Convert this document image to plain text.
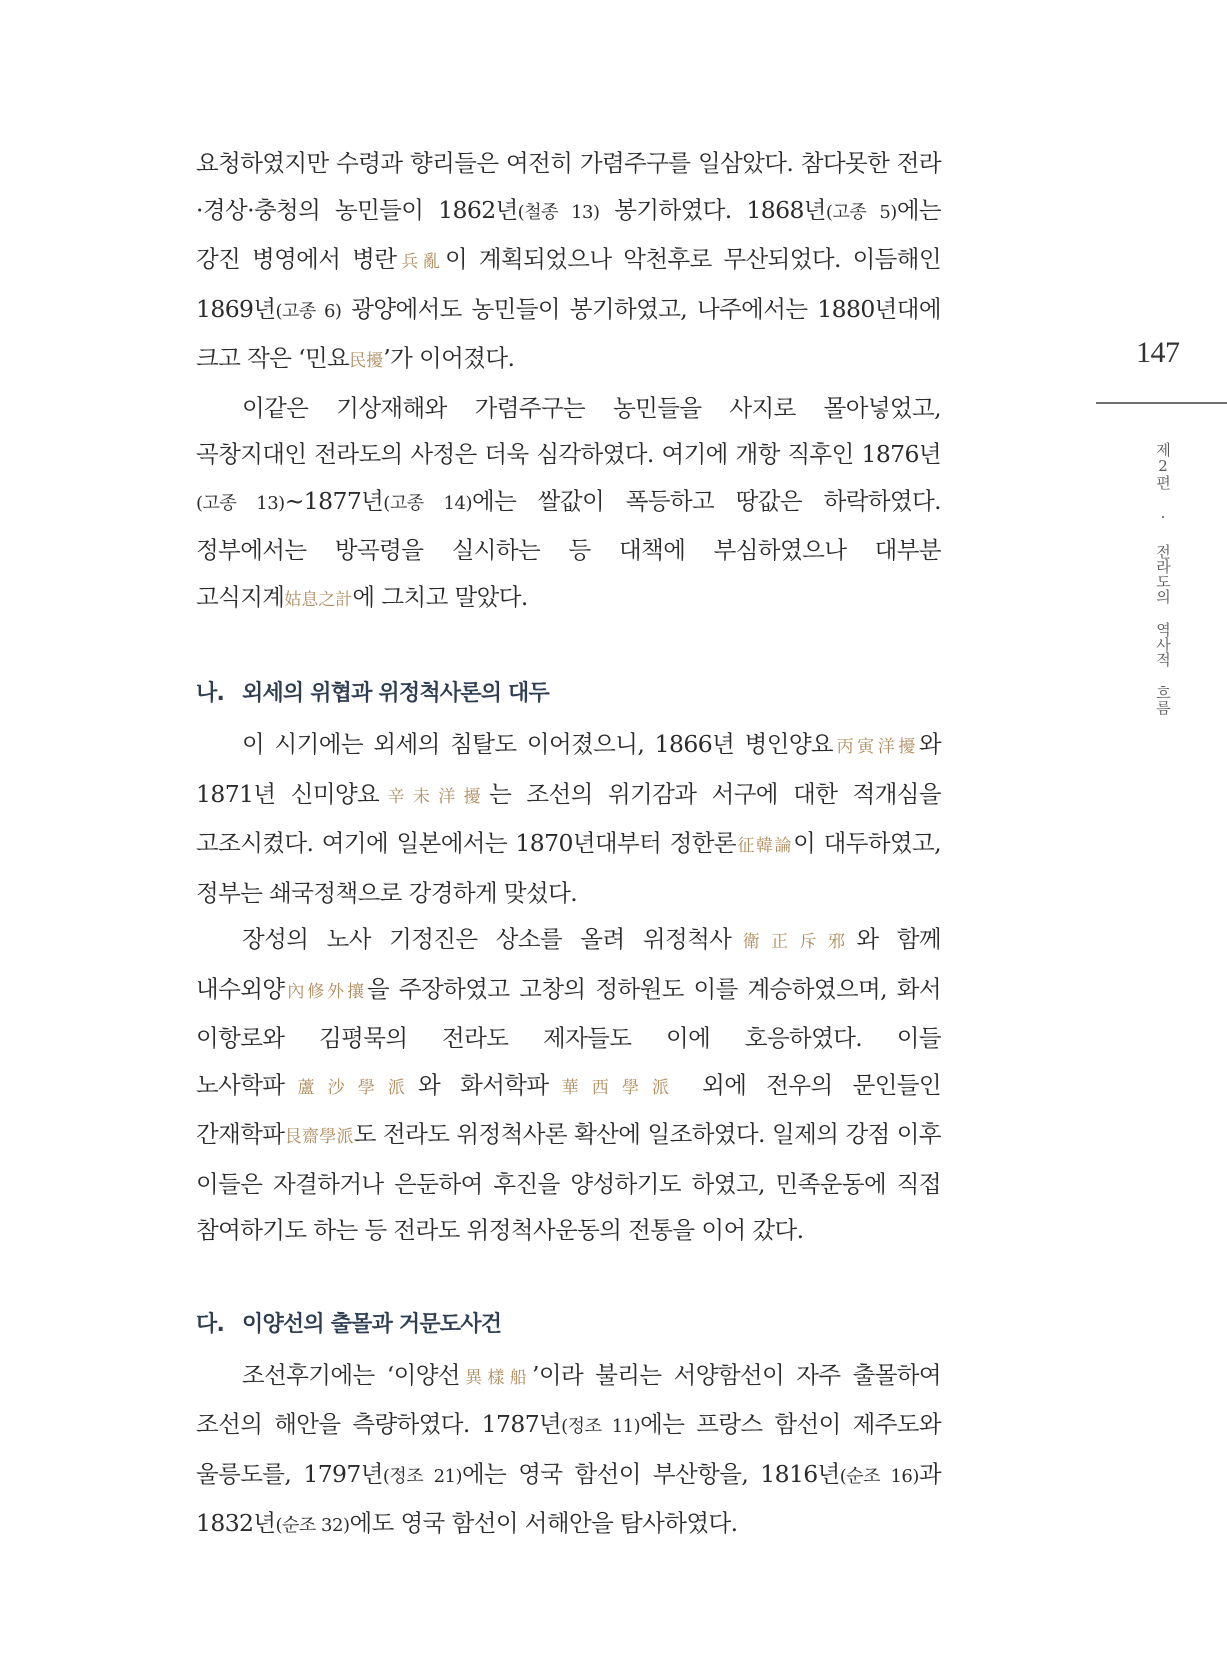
요청하였지만 수령과 향리들은 여전히 가렴주구를 일삼았다. 참다못한 전라·경상·충청의 농민들이 1862년(철종 13) 봉기하였다. 1868년(고종 5)에는 강진 병영에서 병란兵亂이 계획되었으나 악천후로 무산되었다. 이듬해인 1869년(고종 6) 광양에서도 농민들이 봉기하였고, 나주에서는 1880년대에 크고 작은 ‘민요民擾’가 이어졌다.

이같은 기상재해와 가렴주구는 농민들을 사지로 몰아넣었고, 곡창지대인 전라도의 사정은 더욱 심각하였다. 여기에 개항 직후인 1876년(고종 13)~1877년(고종 14)에는 쌀값이 폭등하고 땅값은 하락하였다. 정부에서는 방곡령을 실시하는 등 대책에 부심하였으나 대부분 고식지계姑息之計에 그치고 말았다.

나. 외세의 위협과 위정척사론의 대두

이 시기에는 외세의 침탈도 이어졌으니, 1866년 병인양요丙寅洋擾와 1871년 신미양요辛未洋擾는 조선의 위기감과 서구에 대한 적개심을 고조시켰다. 여기에 일본에서는 1870년대부터 정한론征韓論이 대두하였고, 정부는 쇄국정책으로 강경하게 맞섰다.

장성의 노사 기정진은 상소를 올려 위정척사衛正斥邪와 함께 내수외양內修外攘을 주장하였고 고창의 정하원도 이를 계승하였으며, 화서 이항로와 김평묵의 전라도 제자들도 이에 호응하였다. 이들 노사학파蘆沙學派와 화서학파華西學派 외에 전우의 문인들인 간재학파艮齋學派도 전라도 위정척사론 확산에 일조하였다. 일제의 강점 이후 이들은 자결하거나 은둔하여 후진을 양성하기도 하였고, 민족운동에 직접 참여하기도 하는 등 전라도 위정척사운동의 전통을 이어 갔다.

다. 이양선의 출몰과 거문도사건

조선후기에는 ‘이양선異樣船’이라 불리는 서양함선이 자주 출몰하여 조선의 해안을 측량하였다. 1787년(정조 11)에는 프랑스 함선이 제주도와 울릉도를, 1797년(정조 21)에는 영국 함선이 부산항을, 1816년(순조 16)과 1832년(순조 32)에도 영국 함선이 서해안을 탐사하였다.

147
제2편 · 전라도의 역사적 흐름
